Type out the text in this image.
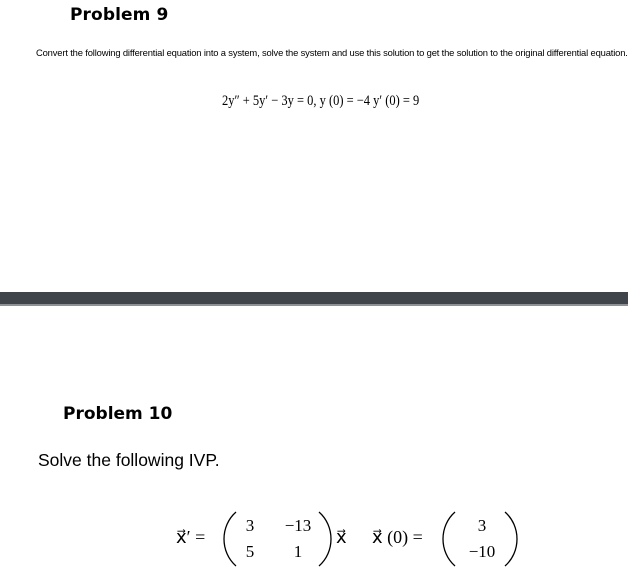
Problem 9
Convert the following differential equation into a system, solve the system and use this solution to get the solution to the original differential equation.
2y″ + 5y′ − 3y = 0, y (0) = −4 y′ (0) = 9
Problem 10
Solve the following IVP.
x⃗′ =
3 −13
5 1
x⃗ x⃗ (0) =
3
−10
